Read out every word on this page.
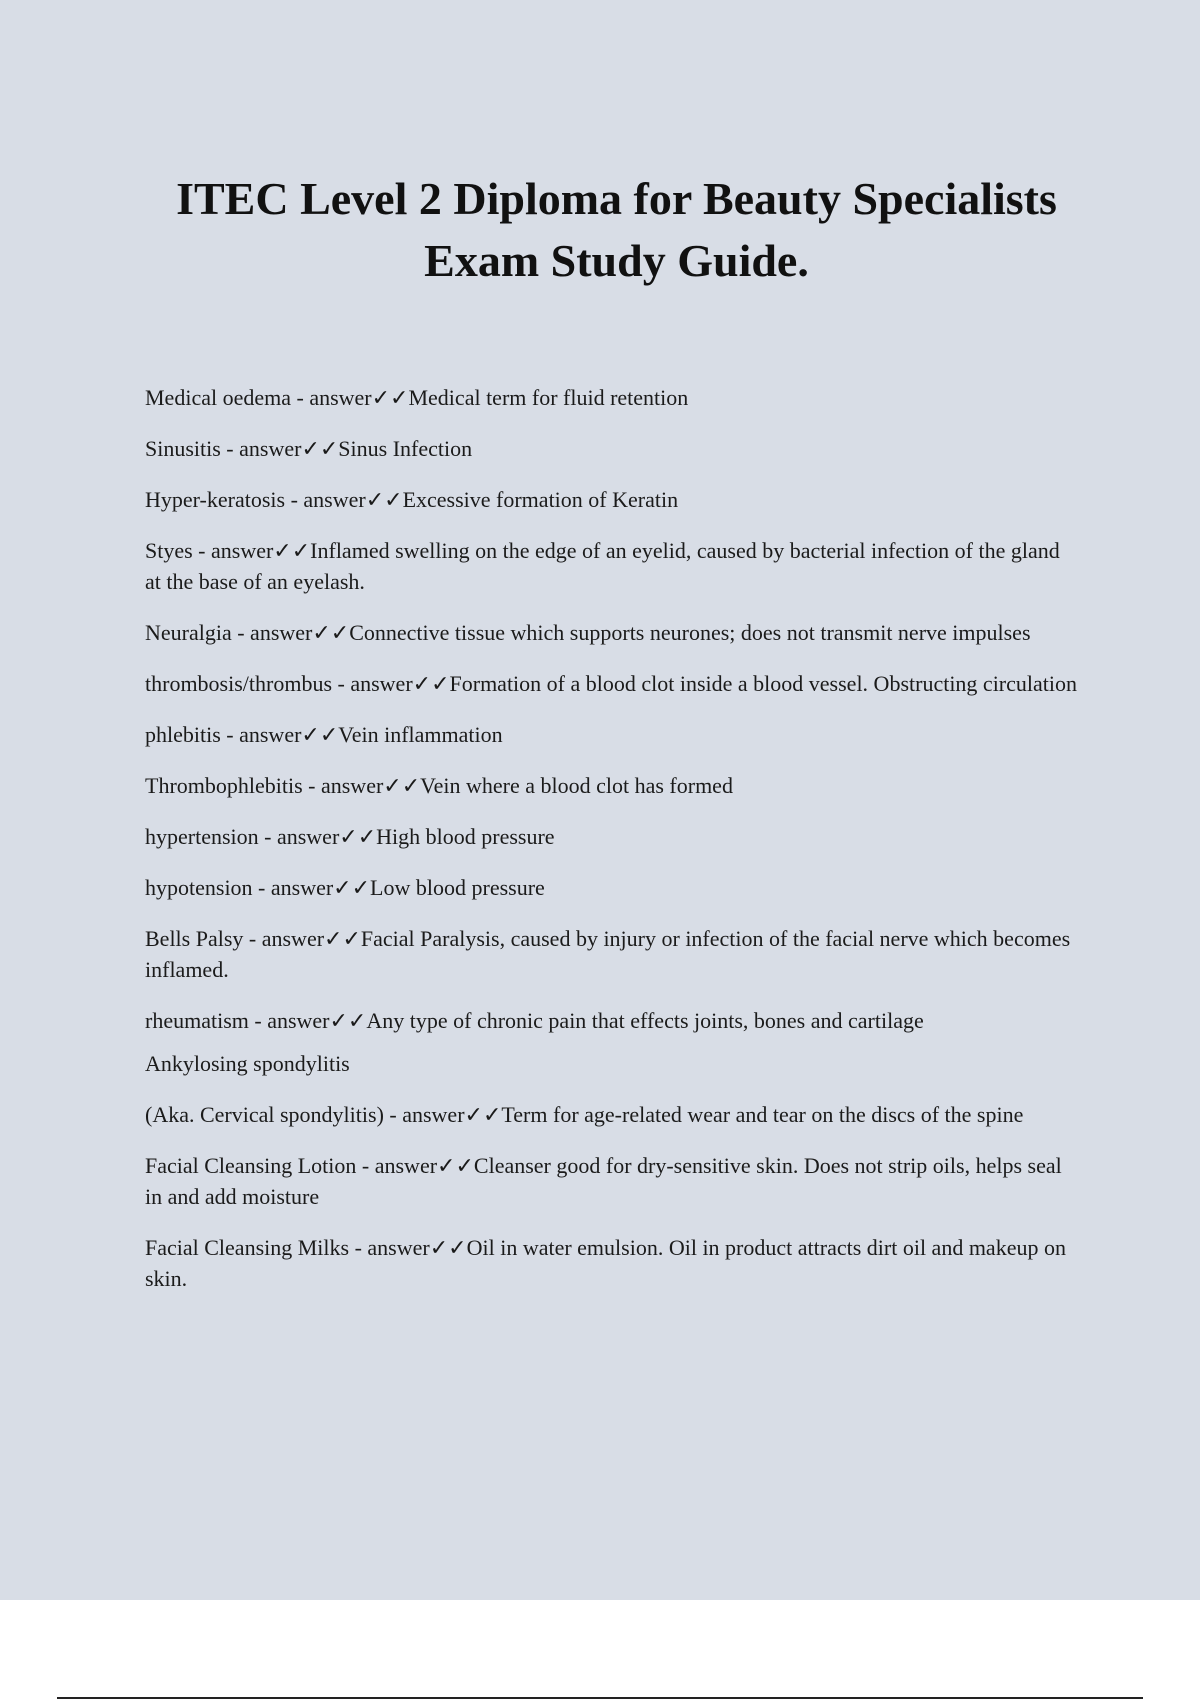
ITEC Level 2 Diploma for Beauty Specialists
Exam Study Guide.
Medical oedema - answer✓✓Medical term for fluid retention
Sinusitis - answer✓✓Sinus Infection
Hyper-keratosis - answer✓✓Excessive formation of Keratin
Styes - answer✓✓Inflamed swelling on the edge of an eyelid, caused by bacterial infection of the gland at the base of an eyelash.
Neuralgia - answer✓✓Connective tissue which supports neurones; does not transmit nerve impulses
thrombosis/thrombus - answer✓✓Formation of a blood clot inside a blood vessel. Obstructing circulation
phlebitis - answer✓✓Vein inflammation
Thrombophlebitis - answer✓✓Vein where a blood clot has formed
hypertension - answer✓✓High blood pressure
hypotension - answer✓✓Low blood pressure
Bells Palsy - answer✓✓Facial Paralysis, caused by injury or infection of the facial nerve which becomes inflamed.
rheumatism - answer✓✓Any type of chronic pain that effects joints, bones and cartilage
Ankylosing spondylitis
(Aka. Cervical spondylitis) - answer✓✓Term for age-related wear and tear on the discs of the spine
Facial Cleansing Lotion - answer✓✓Cleanser good for dry-sensitive skin. Does not strip oils, helps seal in and add moisture
Facial Cleansing Milks - answer✓✓Oil in water emulsion. Oil in product attracts dirt oil and makeup on skin.
